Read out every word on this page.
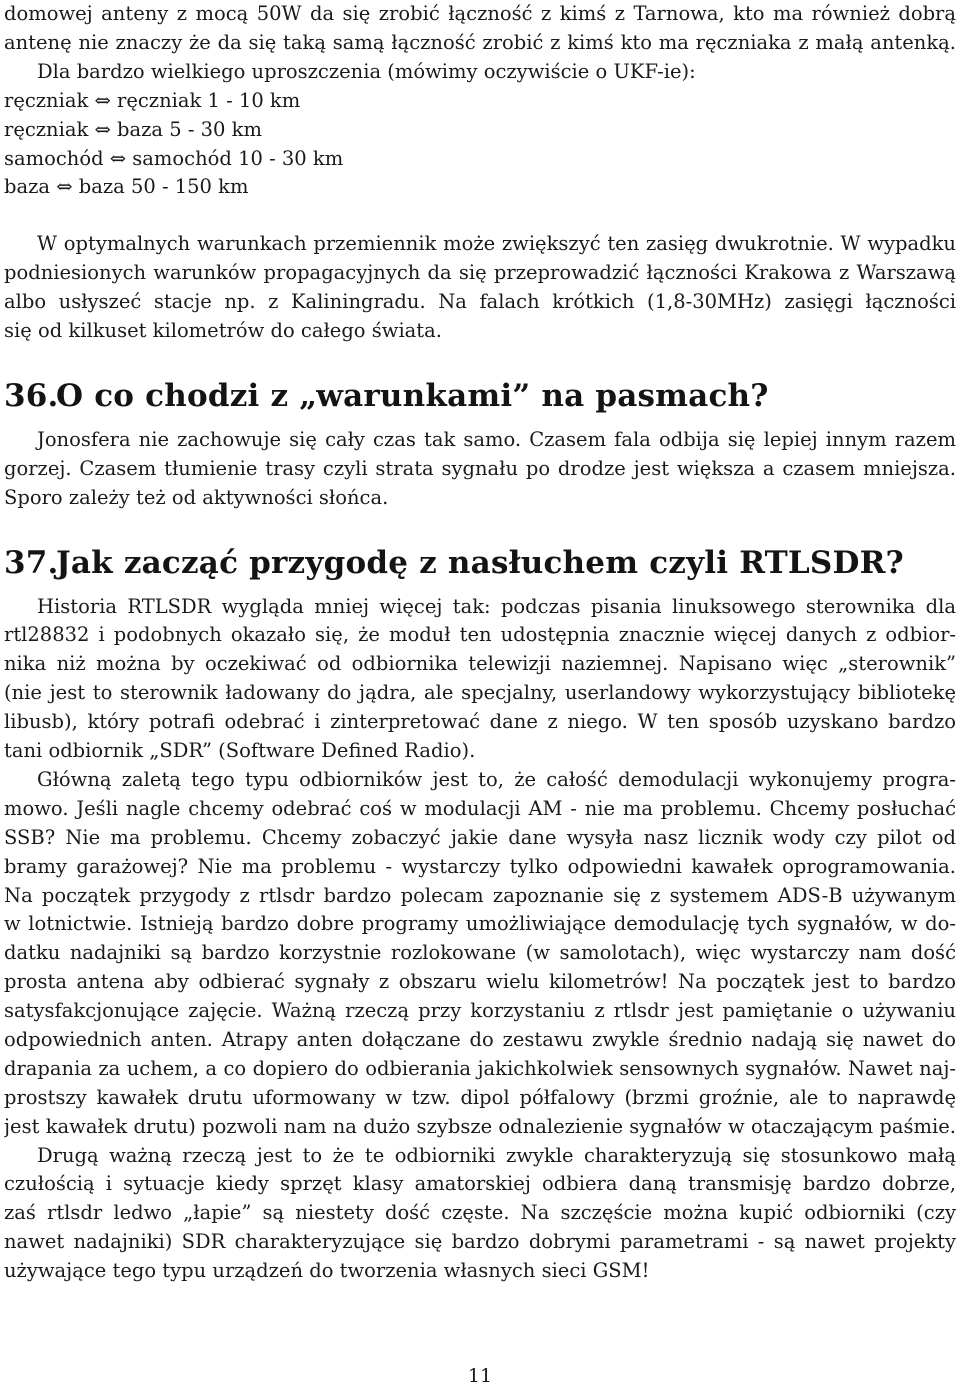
domowej anteny z mocą 50W da się zrobić łączność z kimś z Tarnowa, kto ma również dobrą
antenę nie znaczy że da się taką samą łączność zrobić z kimś kto ma ręczniaka z małą antenką.
Dla bardzo wielkiego uproszczenia (mówimy oczywiście o UKF-ie):
ręczniak ⇔ ręczniak 1 - 10 km
ręczniak ⇔ baza 5 - 30 km
samochód ⇔ samochód 10 - 30 km
baza ⇔ baza 50 - 150 km
W optymalnych warunkach przemiennik może zwiększyć ten zasięg dwukrotnie. W wypadku
podniesionych warunków propagacyjnych da się przeprowadzić łączności Krakowa z Warszawą
albo usłyszeć stacje np. z Kaliningradu. Na falach krótkich (1,8-30MHz) zasięgi łączności
się od kilkuset kilometrów do całego świata.
36.O co chodzi z „warunkami” na pasmach?
Jonosfera nie zachowuje się cały czas tak samo. Czasem fala odbija się lepiej innym razem
gorzej. Czasem tłumienie trasy czyli strata sygnału po drodze jest większa a czasem mniejsza.
Sporo zależy też od aktywności słońca.
37.Jak zacząć przygodę z nasłuchem czyli RTLSDR?
Historia RTLSDR wygląda mniej więcej tak: podczas pisania linuksowego sterownika dla
rtl28832 i podobnych okazało się, że moduł ten udostępnia znacznie więcej danych z odbior-
nika niż można by oczekiwać od odbiornika telewizji naziemnej. Napisano więc „sterownik”
(nie jest to sterownik ładowany do jądra, ale specjalny, userlandowy wykorzystujący bibliotekę
libusb), który potrafi odebrać i zinterpretować dane z niego. W ten sposób uzyskano bardzo
tani odbiornik „SDR” (Software Defined Radio).
Główną zaletą tego typu odbiorników jest to, że całość demodulacji wykonujemy progra-
mowo. Jeśli nagle chcemy odebrać coś w modulacji AM - nie ma problemu. Chcemy posłuchać
SSB? Nie ma problemu. Chcemy zobaczyć jakie dane wysyła nasz licznik wody czy pilot od
bramy garażowej? Nie ma problemu - wystarczy tylko odpowiedni kawałek oprogramowania.
Na początek przygody z rtlsdr bardzo polecam zapoznanie się z systemem ADS-B używanym
w lotnictwie. Istnieją bardzo dobre programy umożliwiające demodulację tych sygnałów, w do-
datku nadajniki są bardzo korzystnie rozlokowane (w samolotach), więc wystarczy nam dość
prosta antena aby odbierać sygnały z obszaru wielu kilometrów! Na początek jest to bardzo
satysfakcjonujące zajęcie. Ważną rzeczą przy korzystaniu z rtlsdr jest pamiętanie o używaniu
odpowiednich anten. Atrapy anten dołączane do zestawu zwykle średnio nadają się nawet do
drapania za uchem, a co dopiero do odbierania jakichkolwiek sensownych sygnałów. Nawet naj-
prostszy kawałek drutu uformowany w tzw. dipol półfalowy (brzmi groźnie, ale to naprawdę
jest kawałek drutu) pozwoli nam na dużo szybsze odnalezienie sygnałów w otaczającym paśmie.
Drugą ważną rzeczą jest to że te odbiorniki zwykle charakteryzują się stosunkowo małą
czułością i sytuacje kiedy sprzęt klasy amatorskiej odbiera daną transmisję bardzo dobrze,
zaś rtlsdr ledwo „łapie” są niestety dość częste. Na szczęście można kupić odbiorniki (czy
nawet nadajniki) SDR charakteryzujące się bardzo dobrymi parametrami - są nawet projekty
używające tego typu urządzeń do tworzenia własnych sieci GSM!
11
